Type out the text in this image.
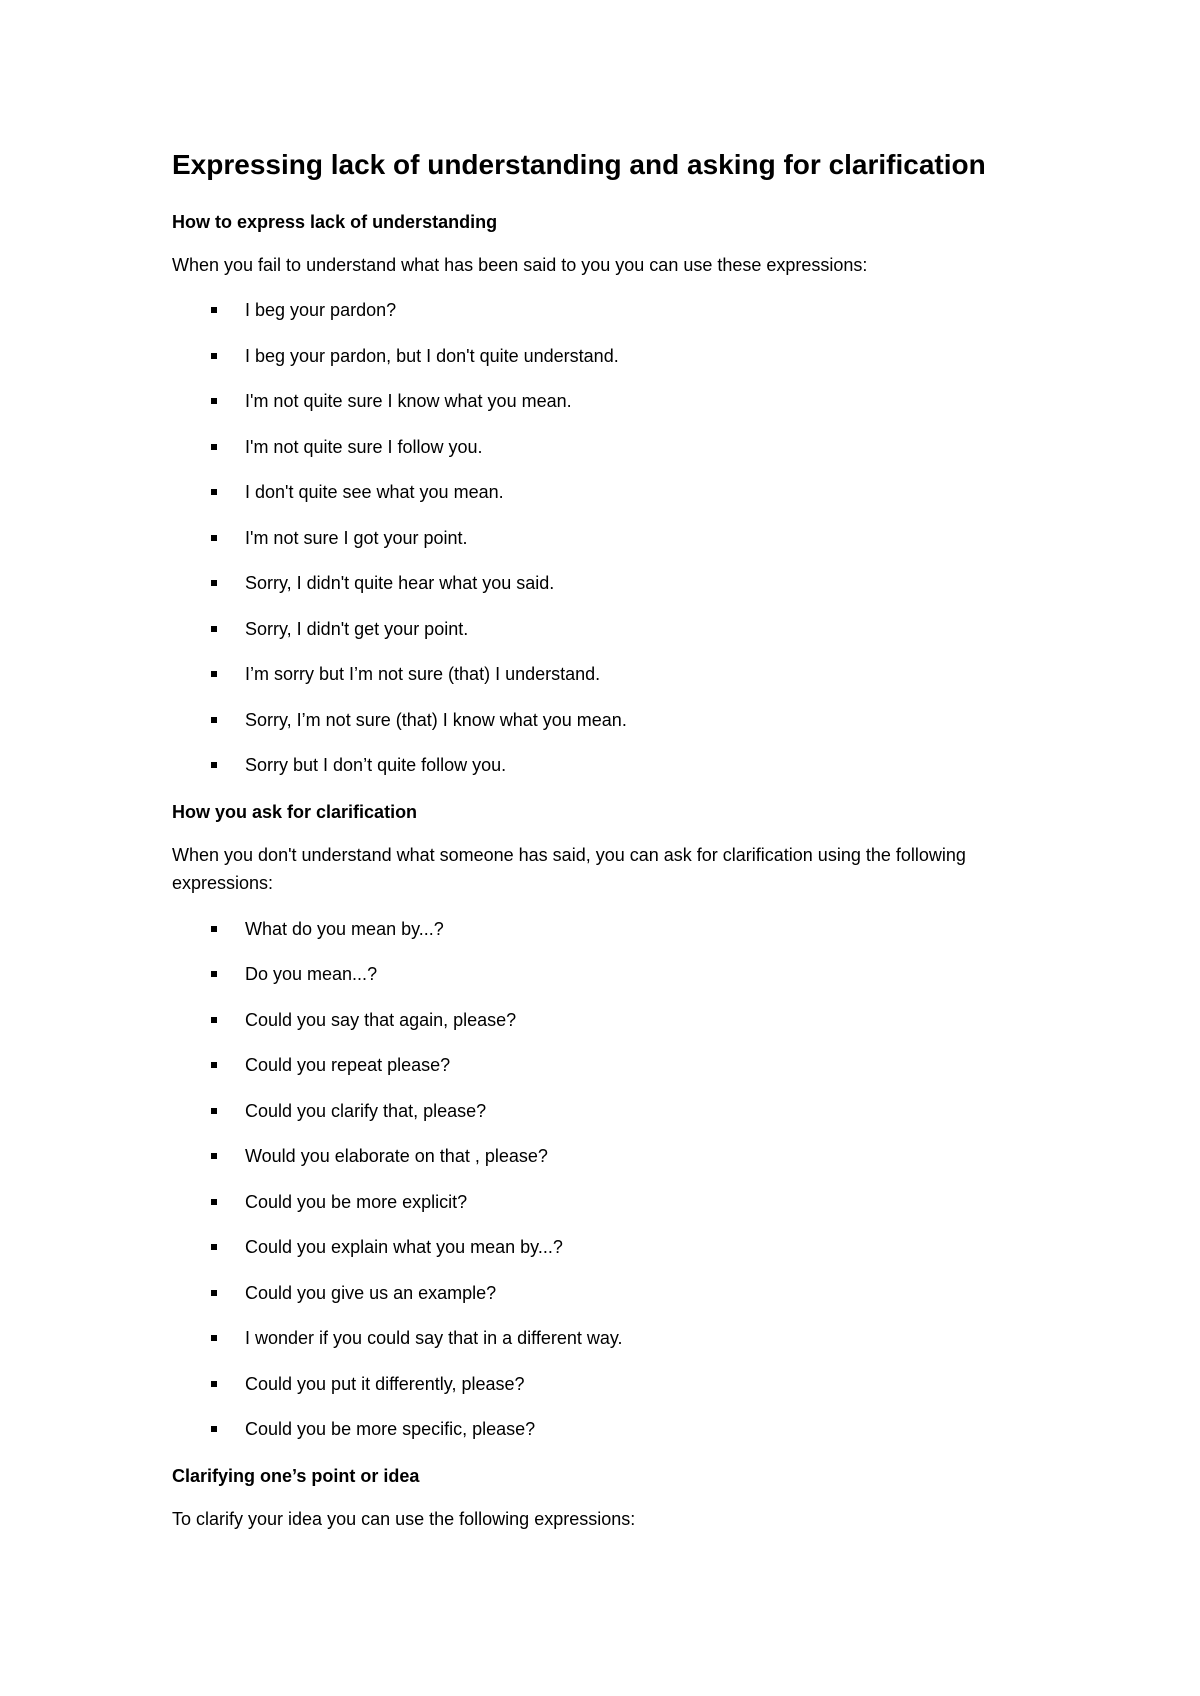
Expressing lack of understanding and asking for clarification
How to express lack of understanding

When you fail to understand what has been said to you you can use these expressions:

I beg your pardon?
I beg your pardon, but I don't quite understand.
I'm not quite sure I know what you mean.
I'm not quite sure I follow you.
I don't quite see what you mean.
I'm not sure I got your point.
Sorry, I didn't quite hear what you said.
Sorry, I didn't get your point.
I’m sorry but I’m not sure (that) I understand.
Sorry, I’m not sure (that) I know what you mean.
Sorry but I don’t quite follow you.
How you ask for clarification

When you don't understand what someone has said, you can ask for clarification using the following expressions:

What do you mean by...?
Do you mean...?
Could you say that again, please?
Could you repeat please?
Could you clarify that, please?
Would you elaborate on that , please?
Could you be more explicit?
Could you explain what you mean by...?
Could you give us an example?
I wonder if you could say that in a different way.
Could you put it differently, please?
Could you be more specific, please?
Clarifying one’s point or idea

To clarify your idea you can use the following expressions:
